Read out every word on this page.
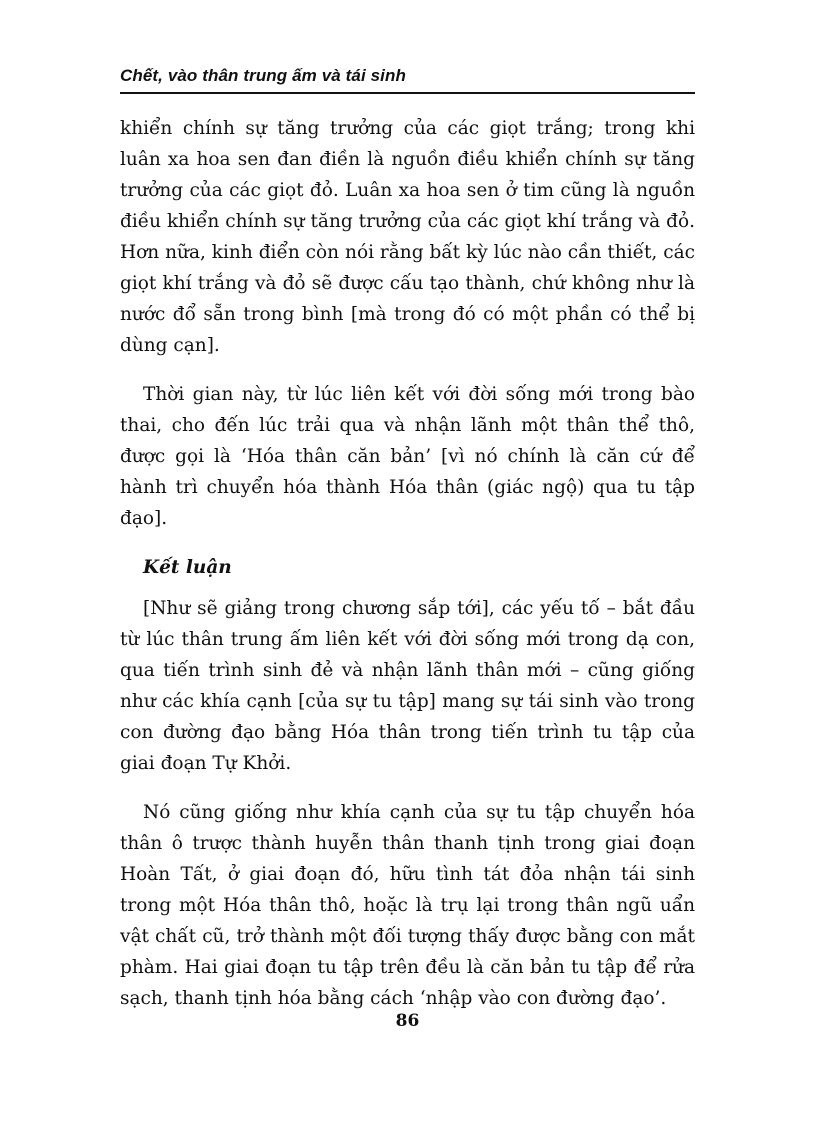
Chết, vào thân trung ấm và tái sinh

khiển chính sự tăng trưởng của các giọt trắng; trong khi luân xa hoa sen đan điền là nguồn điều khiển chính sự tăng trưởng của các giọt đỏ. Luân xa hoa sen ở tim cũng là nguồn điều khiển chính sự tăng trưởng của các giọt khí trắng và đỏ. Hơn nữa, kinh điển còn nói rằng bất kỳ lúc nào cần thiết, các giọt khí trắng và đỏ sẽ được cấu tạo thành, chứ không như là nước đổ sẵn trong bình [mà trong đó có một phần có thể bị dùng cạn].

Thời gian này, từ lúc liên kết với đời sống mới trong bào thai, cho đến lúc trải qua và nhận lãnh một thân thể thô, được gọi là ‘Hóa thân căn bản’ [vì nó chính là căn cứ để hành trì chuyển hóa thành Hóa thân (giác ngộ) qua tu tập đạo].

Kết luận

[Như sẽ giảng trong chương sắp tới], các yếu tố – bắt đầu từ lúc thân trung ấm liên kết với đời sống mới trong dạ con, qua tiến trình sinh đẻ và nhận lãnh thân mới – cũng giống như các khía cạnh [của sự tu tập] mang sự tái sinh vào trong con đường đạo bằng Hóa thân trong tiến trình tu tập của giai đoạn Tự Khởi.

Nó cũng giống như khía cạnh của sự tu tập chuyển hóa thân ô trược thành huyễn thân thanh tịnh trong giai đoạn Hoàn Tất, ở giai đoạn đó, hữu tình tát đỏa nhận tái sinh trong một Hóa thân thô, hoặc là trụ lại trong thân ngũ uẩn vật chất cũ, trở thành một đối tượng thấy được bằng con mắt phàm. Hai giai đoạn tu tập trên đều là căn bản tu tập để rửa sạch, thanh tịnh hóa bằng cách ‘nhập vào con đường đạo’.

86
